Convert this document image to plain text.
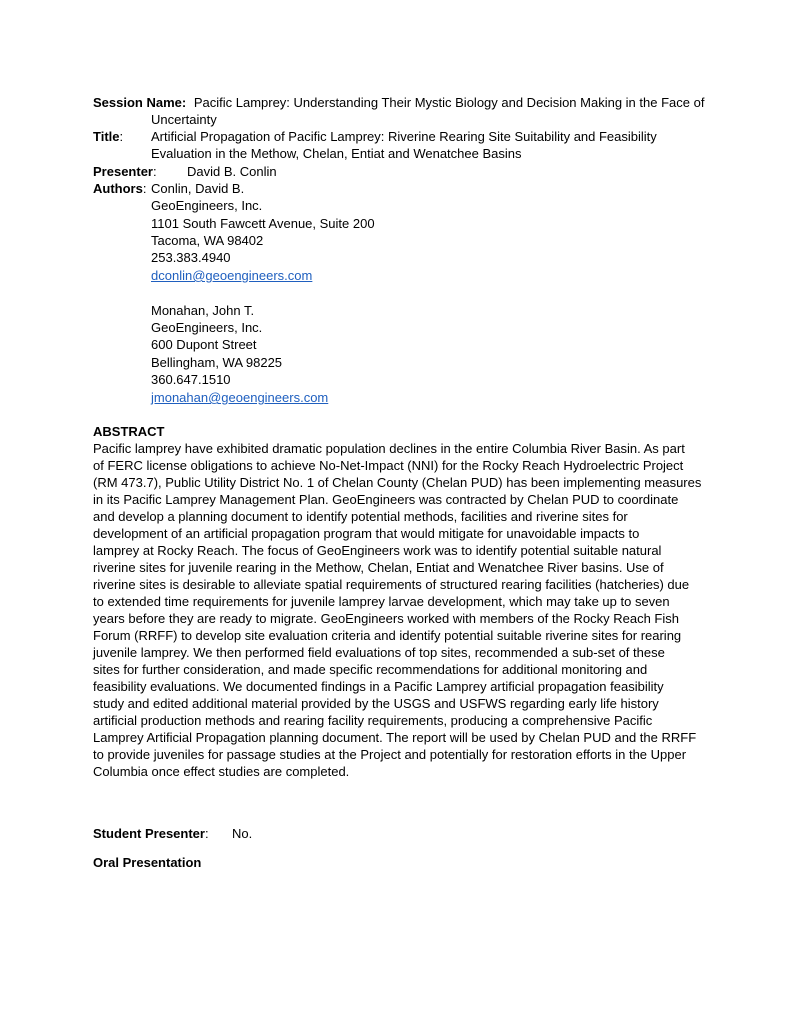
Session Name: Pacific Lamprey: Understanding Their Mystic Biology and Decision Making in the Face of
Uncertainty
Title: Artificial Propagation of Pacific Lamprey: Riverine Rearing Site Suitability and Feasibility
Evaluation in the Methow, Chelan, Entiat and Wenatchee Basins
Presenter: David B. Conlin
Authors: Conlin, David B.
GeoEngineers, Inc.
1101 South Fawcett Avenue, Suite 200
Tacoma, WA 98402
253.383.4940
dconlin@geoengineers.com
Monahan, John T.
GeoEngineers, Inc.
600 Dupont Street
Bellingham, WA 98225
360.647.1510
jmonahan@geoengineers.com
ABSTRACT
Pacific lamprey have exhibited dramatic population declines in the entire Columbia River Basin. As part
of FERC license obligations to achieve No-Net-Impact (NNI) for the Rocky Reach Hydroelectric Project
(RM 473.7), Public Utility District No. 1 of Chelan County (Chelan PUD) has been implementing measures
in its Pacific Lamprey Management Plan. GeoEngineers was contracted by Chelan PUD to coordinate
and develop a planning document to identify potential methods, facilities and riverine sites for
development of an artificial propagation program that would mitigate for unavoidable impacts to
lamprey at Rocky Reach. The focus of GeoEngineers work was to identify potential suitable natural
riverine sites for juvenile rearing in the Methow, Chelan, Entiat and Wenatchee River basins. Use of
riverine sites is desirable to alleviate spatial requirements of structured rearing facilities (hatcheries) due
to extended time requirements for juvenile lamprey larvae development, which may take up to seven
years before they are ready to migrate. GeoEngineers worked with members of the Rocky Reach Fish
Forum (RRFF) to develop site evaluation criteria and identify potential suitable riverine sites for rearing
juvenile lamprey. We then performed field evaluations of top sites, recommended a sub-set of these
sites for further consideration, and made specific recommendations for additional monitoring and
feasibility evaluations. We documented findings in a Pacific Lamprey artificial propagation feasibility
study and edited additional material provided by the USGS and USFWS regarding early life history
artificial production methods and rearing facility requirements, producing a comprehensive Pacific
Lamprey Artificial Propagation planning document. The report will be used by Chelan PUD and the RRFF
to provide juveniles for passage studies at the Project and potentially for restoration efforts in the Upper
Columbia once effect studies are completed.
Student Presenter: No.
Oral Presentation
